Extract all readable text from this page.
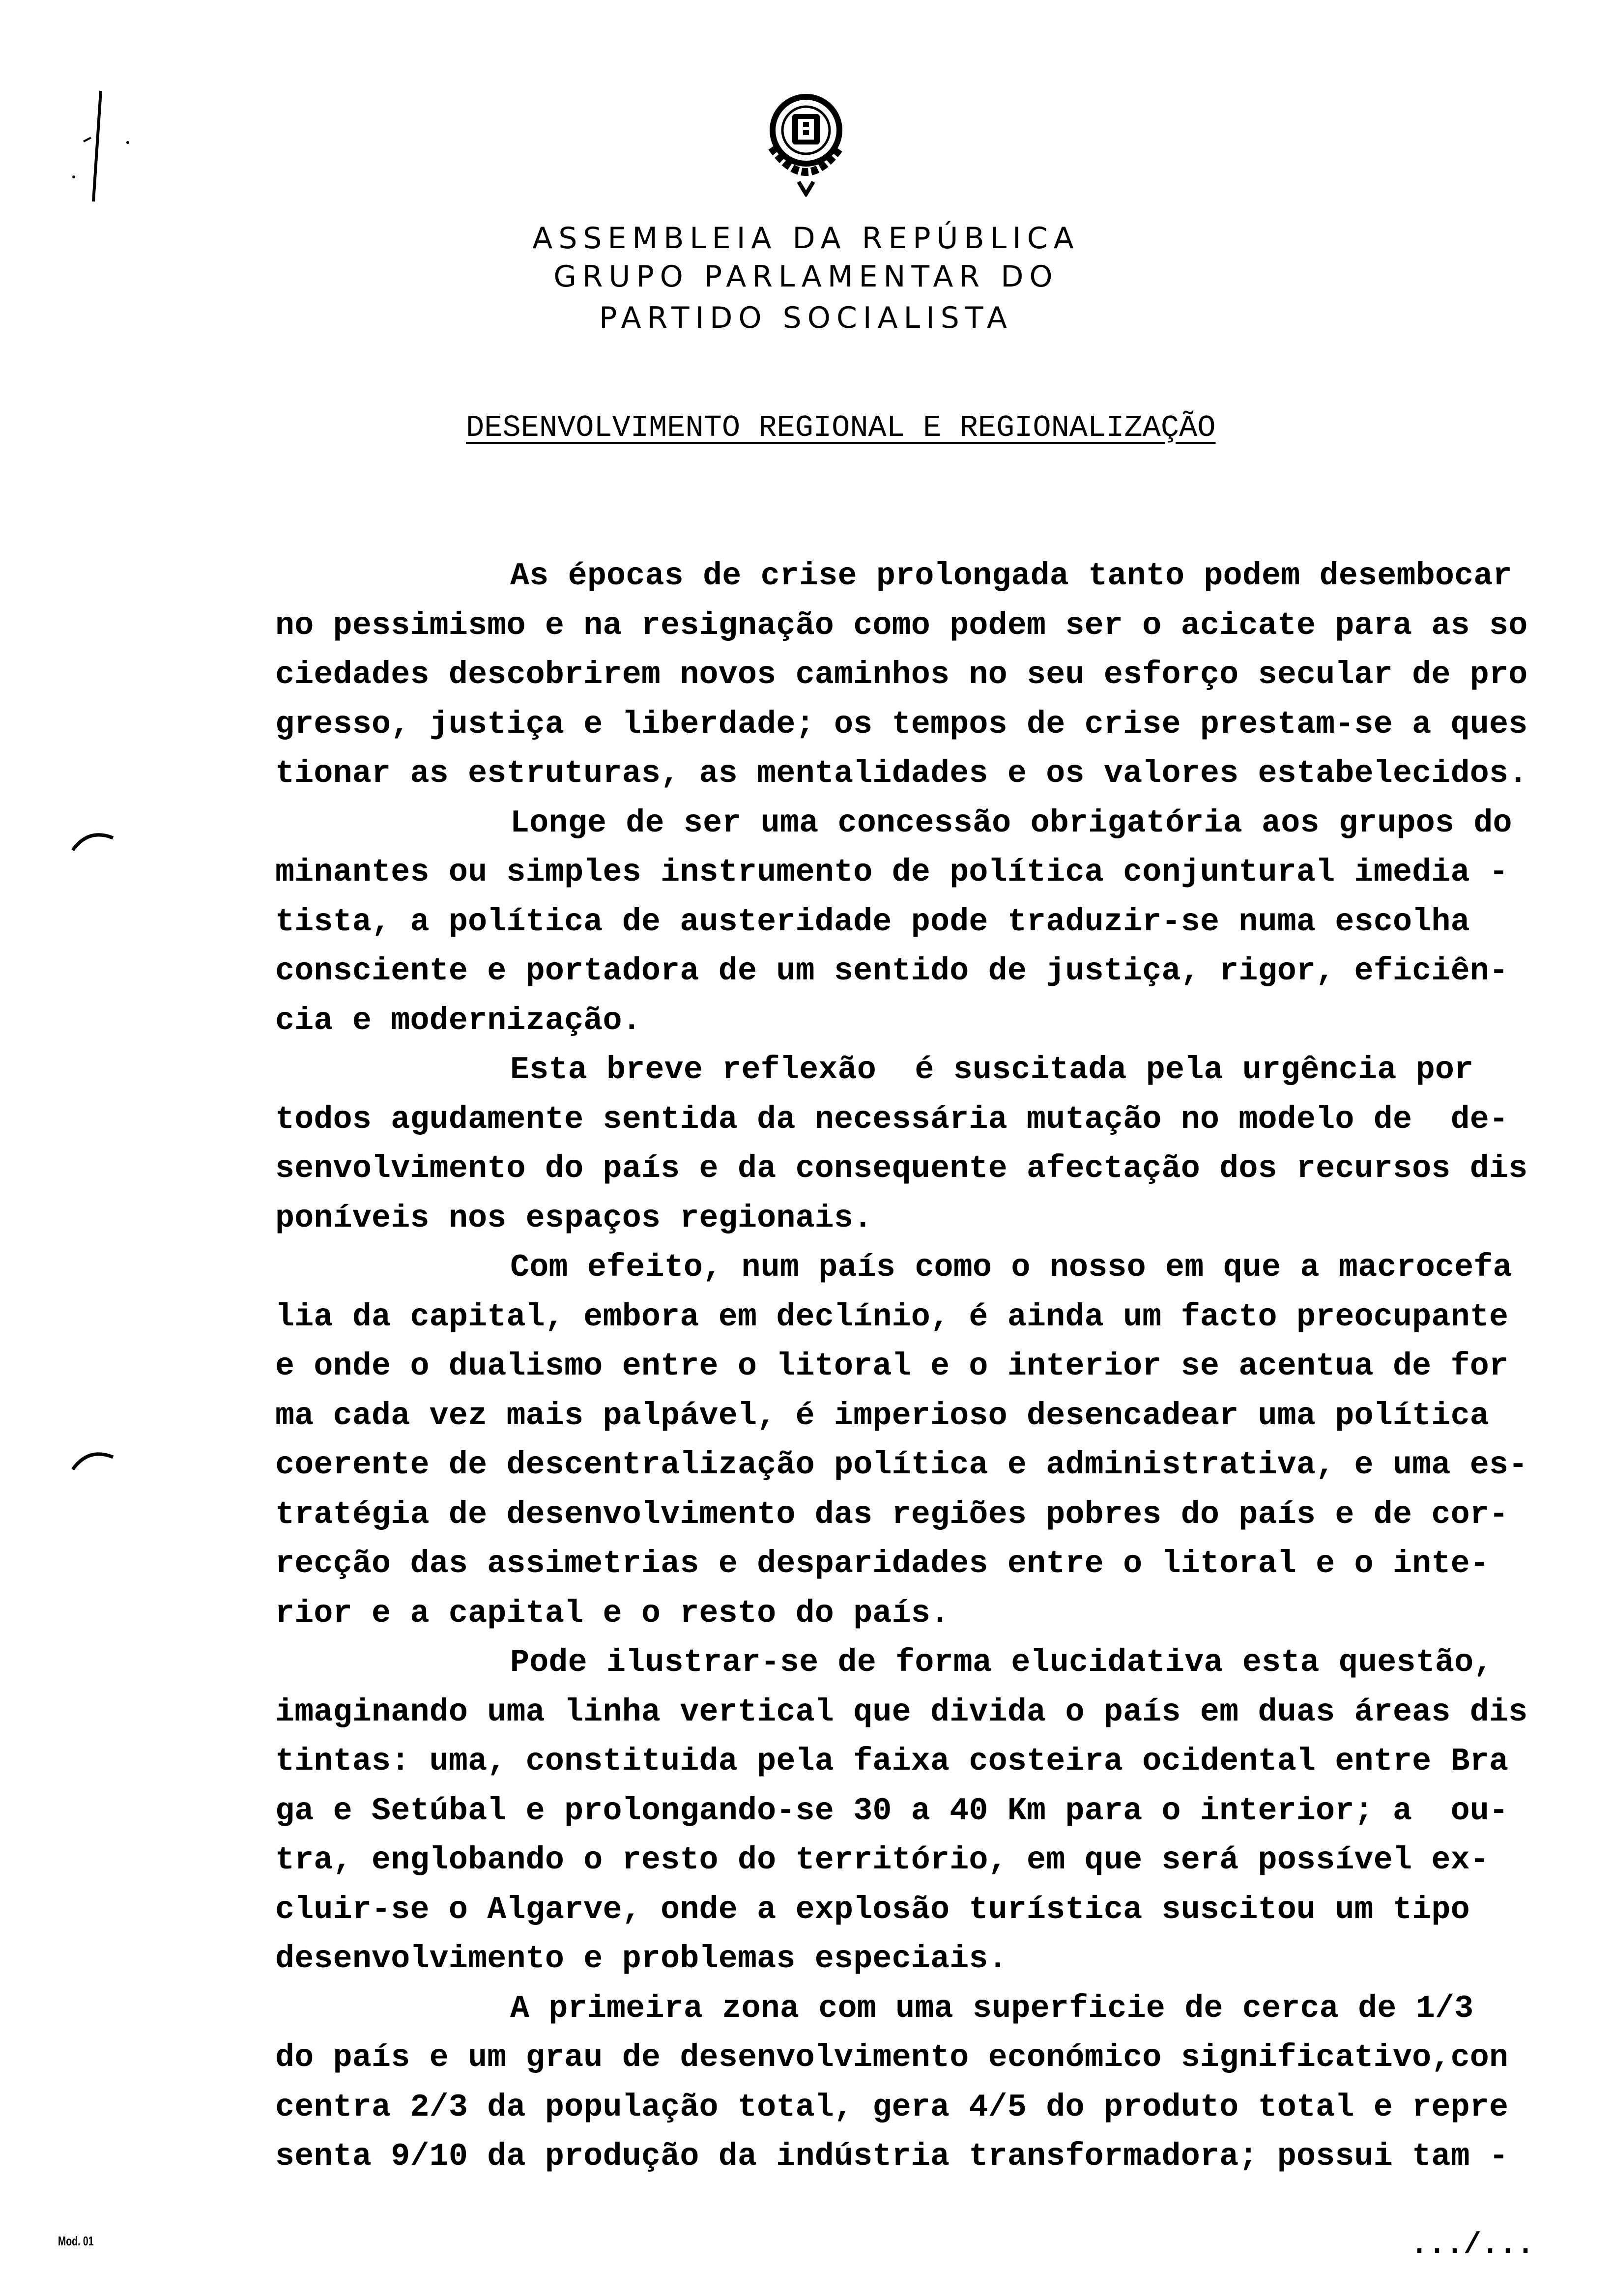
ASSEMBLEIA DA REPÚBLICA
GRUPO PARLAMENTAR DO
PARTIDO SOCIALISTA
DESENVOLVIMENTO REGIONAL E REGIONALIZAÇÃO
As épocas de crise prolongada tanto podem desembocar
no pessimismo e na resignação como podem ser o acicate para as so
ciedades descobrirem novos caminhos no seu esforço secular de pro
gresso, justiça e liberdade; os tempos de crise prestam-se a ques
tionar as estruturas, as mentalidades e os valores estabelecidos.
Longe de ser uma concessão obrigatória aos grupos do
minantes ou simples instrumento de política conjuntural imedia -
tista, a política de austeridade pode traduzir-se numa escolha
consciente e portadora de um sentido de justiça, rigor, eficiên-
cia e modernização.
Esta breve reflexão  é suscitada pela urgência por
todos agudamente sentida da necessária mutação no modelo de  de-
senvolvimento do país e da consequente afectação dos recursos dis
poníveis nos espaços regionais.
Com efeito, num país como o nosso em que a macrocefa
lia da capital, embora em declínio, é ainda um facto preocupante
e onde o dualismo entre o litoral e o interior se acentua de for
ma cada vez mais palpável, é imperioso desencadear uma política
coerente de descentralização política e administrativa, e uma es-
tratégia de desenvolvimento das regiões pobres do país e de cor-
recção das assimetrias e desparidades entre o litoral e o inte-
rior e a capital e o resto do país.
Pode ilustrar-se de forma elucidativa esta questão,
imaginando uma linha vertical que divida o país em duas áreas dis
tintas: uma, constituida pela faixa costeira ocidental entre Bra
ga e Setúbal e prolongando-se 30 a 40 Km para o interior; a  ou-
tra, englobando o resto do território, em que será possível ex-
cluir-se o Algarve, onde a explosão turística suscitou um tipo
desenvolvimento e problemas especiais.
A primeira zona com uma superficie de cerca de 1/3
do país e um grau de desenvolvimento económico significativo,con
centra 2/3 da população total, gera 4/5 do produto total e repre
senta 9/10 da produção da indústria transformadora; possui tam -
Mod. 01	.../...
